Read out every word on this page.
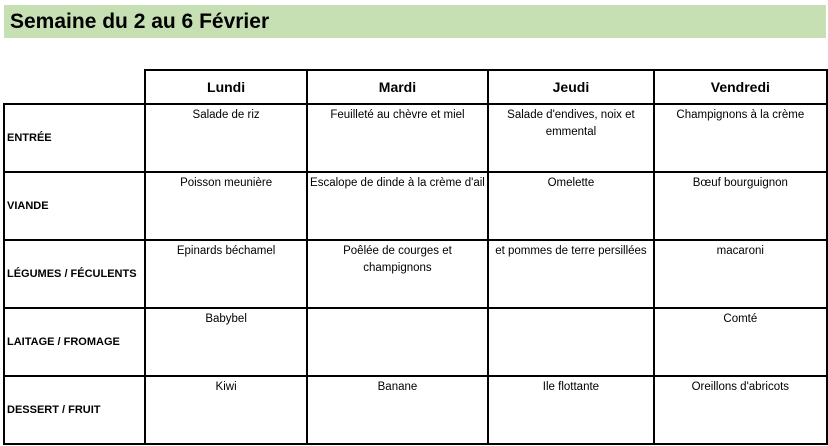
Semaine du 2 au 6 Février
	Lundi	Mardi	Jeudi	Vendredi
ENTRÉE	Salade de riz	Feuilleté au chèvre et miel	Salade d'endives, noix et emmental	Champignons à la crème
VIANDE	Poisson meunière	Escalope de dinde à la crème d'ail	Omelette	Bœuf bourguignon
LÉGUMES / FÉCULENTS	Epinards béchamel	Poêlée de courges et champignons	et pommes de terre persillées	macaroni
LAITAGE / FROMAGE	Babybel			Comté
DESSERT / FRUIT	Kiwi	Banane	Ile flottante	Oreillons d'abricots
